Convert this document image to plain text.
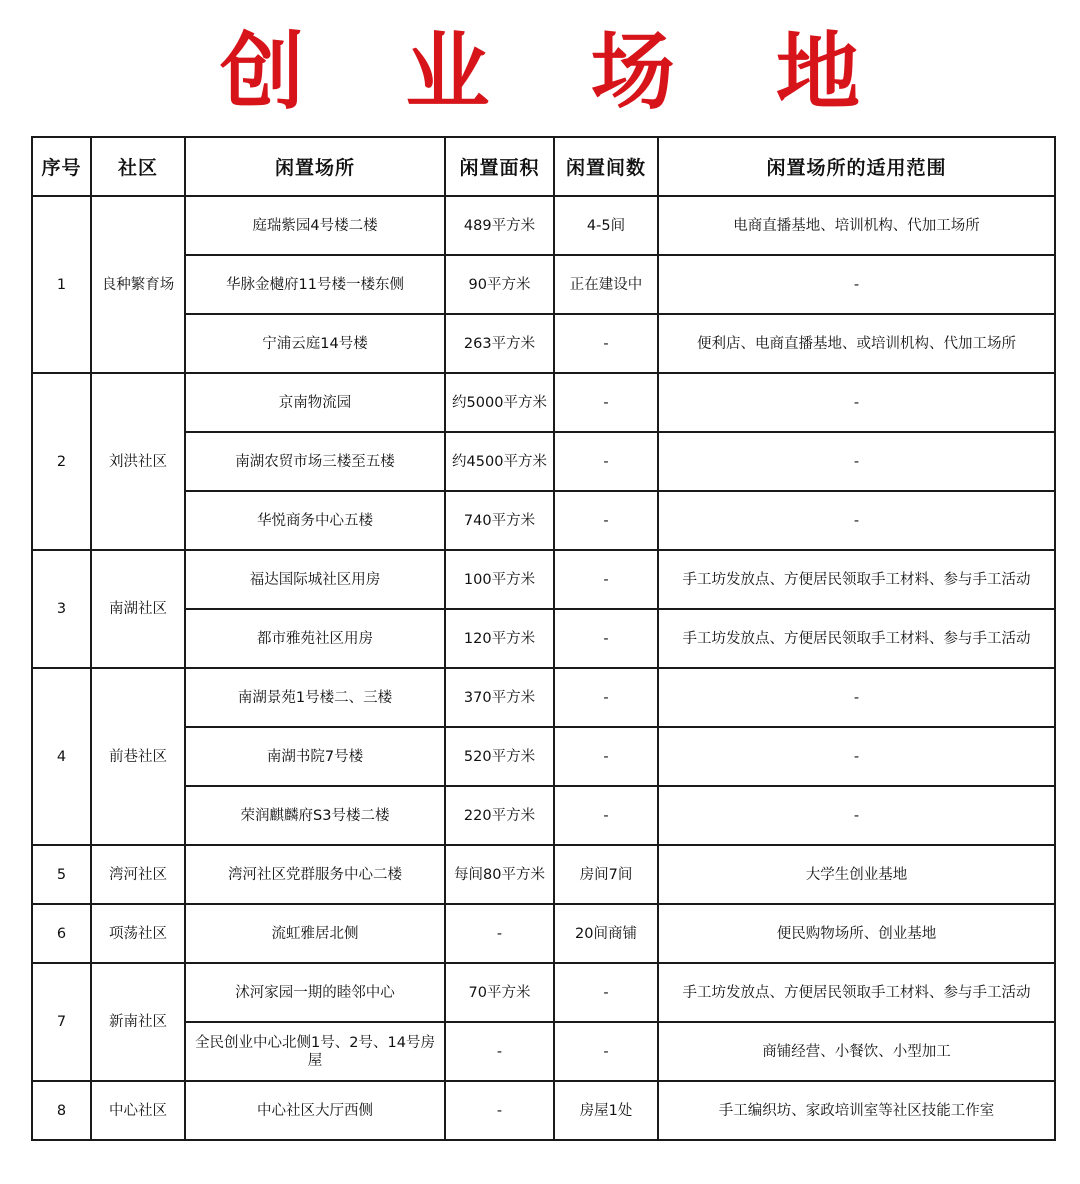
创 业 场 地
序号	社区	闲置场所	闲置面积	闲置间数	闲置场所的适用范围
1	良种繁育场	庭瑞紫园4号楼二楼	489平方米	4-5间	电商直播基地、培训机构、代加工场所
		华脉金樾府11号楼一楼东侧	90平方米	正在建设中	-
		宁浦云庭14号楼	263平方米	-	便利店、电商直播基地、或培训机构、代加工场所
2	刘洪社区	京南物流园	约5000平方米	-	-
		南湖农贸市场三楼至五楼	约4500平方米	-	-
		华悦商务中心五楼	740平方米	-	-
3	南湖社区	福达国际城社区用房	100平方米	-	手工坊发放点、方便居民领取手工材料、参与手工活动
		都市雅苑社区用房	120平方米	-	手工坊发放点、方便居民领取手工材料、参与手工活动
4	前巷社区	南湖景苑1号楼二、三楼	370平方米	-	-
		南湖书院7号楼	520平方米	-	-
		荣润麒麟府S3号楼二楼	220平方米	-	-
5	湾河社区	湾河社区党群服务中心二楼	每间80平方米	房间7间	大学生创业基地
6	项荡社区	流虹雅居北侧	-	20间商铺	便民购物场所、创业基地
7	新南社区	沭河家园一期的睦邻中心	70平方米	-	手工坊发放点、方便居民领取手工材料、参与手工活动
		全民创业中心北侧1号、2号、14号房屋	-	-	商铺经营、小餐饮、小型加工
8	中心社区	中心社区大厅西侧	-	房屋1处	手工编织坊、家政培训室等社区技能工作室
